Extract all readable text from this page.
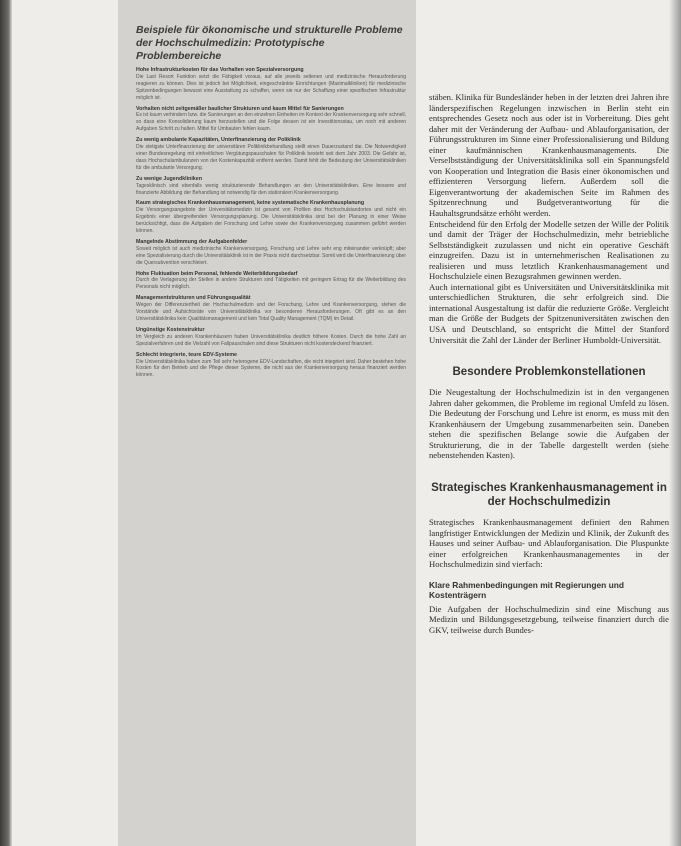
Beispiele für ökonomische und strukturelle Probleme der Hochschulmedizin: Prototypische Problembereiche
Hohe Infrastrukturkosten für das Vorhalten von Spezialversorgung

Die Last Resort Funktion setzt die Fähigkeit voraus, auf alle jeweils seltenen und medizinische Herausforderung reagieren zu können. Dies ist jedoch bei Möglichkeit, eingeschränkte Einrichtungen (Maximalkliniken) für medizinische Spitzenbedingungen bewusst eine Ausstattung zu schaffen, wenn sie nur der Schaffung einer spezifischen Infrastruktur möglich ist.

Vorhalten nicht zeitgemäßer baulicher Strukturen und kaum Mittel für Sanierungen

Es ist kaum verhindern bzw. die Sanierungen an den einzelnen Einheiten im Kontext der Krankenversorgung sehr schnell, so dass eine Konsolidierung kaum herzustellen und die Folge dessen ist ein Investitionsstau, um noch mit anderen Aufgaben Schritt zu halten. Mittel für Umbauten fehlen kaum.

Zu wenig ambulante Kapazitäten, Unterfinanzierung der Poliklinik

Die stetigste Unterfinanzierung der universitären Poliklinikbehandlung stellt einen Dauerzustand dar. Die Notwendigkeit einer Bundesregelung mit einheitlichen Vergütungspauschalen für Poliklinik besteht seit dem Jahr 2003. Die Gefahr ist, dass Hochschulambulanzen von der Kostenkapazität entfernt werden. Damit fehlt die Bedeutung der Universitätskliniken für die ambulante Versorgung.

Zu wenige Jugendkliniken

Tagesklinisch sind ebenfalls wenig strukturierende Behandlungen an den Universitätskliniken. Eine bessere und finanzierte Abbildung der Behandlung ist notwendig für den stationären Krankenversorgung.

Kaum strategisches Krankenhausmanagement, keine systematische Krankenhausplanung

Die Versorgungsangebote der Universitätsmedizin ist gesamt von Profilen des Hochschulstandortes und nicht ein Ergebnis einer übergreifenden Versorgungsplanung. Die Universitätsklinika sind bei der Planung in einer Weise berücksichtigt, dass die Aufgaben der Forschung und Lehre sowie der Krankenversorgung zusammen geführt werden können.

Mangelnde Abstimmung der Aufgabenfelder

Soweit möglich ist auch medizinische Krankenversorgung, Forschung und Lehre sehr eng miteinander verknüpft; aber eine Spezialisierung durch die Universitätsklinik ist in der Praxis nicht durchsetzbar. Somit wird die Unterfinanzierung über die Quersubvention verschleiert.

Hohe Fluktuation beim Personal, fehlende Weiterbildungsbedarf

Durch die Verlagerung der Stellen in andere Strukturen sind Tätigkeiten mit geringem Ertrag für die Weiterbildung des Personals nicht möglich.

Managementstrukturen und Führungsqualität

Wegen der Differenziertheit der Hochschulmedizin und der Forschung, Lehre und Krankenversorgung, stehen die Vorstände und Aufsichtsräte von Universitätsklinika vor besonderen Herausforderungen. Oft gibt es an den Universitätsklinika kein Qualitätsmanagement und kein Total Quality Management (TQM) im Detail.

Ungünstige Kostenstruktur

Im Vergleich zu anderen Krankenhäusern haben Universitätsklinika deutlich höhere Kosten. Durch die hohe Zahl an Spezialverfahren und die Vielzahl von Fallpauschalen sind diese Strukturen nicht kostendeckend finanziert.

Schlecht integrierte, teure EDV-Systeme

Die Universitätsklinika haben zum Teil sehr heterogene EDV-Landschaften, die nicht integriert sind. Daher bestehen hohe Kosten für den Betrieb und die Pflege dieser Systeme, die nicht aus der Krankenversorgung heraus finanziert werden können.

stäben. Klinika für Bundesländer heben in der letzten drei Jahren ihre länderspezifischen Regelungen inzwischen in Berlin steht ein entsprechendes Gesetz noch aus oder ist in Vorbereitung. Dies geht daher mit der Veränderung der Aufbau- und Ablauforganisation, der Führungsstrukturen im Sinne einer Professionalisierung und Bildung einer kaufmännischen Krankenhausmanagements. Die Verselbstständigung der Universitätsklinika soll ein Spannungsfeld von Kooperation und Integration die Basis einer ökonomischen und effizienteren Versorgung liefern. Außerdem soll die Eigenverantwortung der akademischen Seite im Rahmen des Spitzenrechnung und Budgetverantwortung für die Hauhaltsgrundsätze erhöht werden.

Entscheidend für den Erfolg der Modelle setzen der Wille der Politik und damit der Träger der Hochschulmedizin, mehr betriebliche Selbstständigkeit zuzulassen und nicht ein operative Geschäft einzugreifen. Dazu ist in unternehmerischen Realisationen zu realisieren und muss letztlich Krankenhausmanagement und Hochschulziele einen Bezugsrahmen gewinnen werden.

Auch international gibt es Universitäten und Universitätsklinika mit unterschiedlichen Strukturen, die sehr erfolgreich sind. Die international Ausgestaltung ist dafür die reduzierte Größe. Vergleicht man die Größe der Budgets der Spitzenuniversitäten zwischen den USA und Deutschland, so entspricht die Mittel der Stanford Universität die Zahl der Länder der Berliner Humboldt-Universität.

Besondere Problemkonstellationen

Die Neugestaltung der Hochschulmedizin ist in den vergangenen Jahren daher gekommen, die Probleme im regional Umfeld zu lösen. Die Bedeutung der Forschung und Lehre ist enorm, es muss mit den Krankenhäusern der Umgebung zusammenarbeiten sein. Daneben stehen die spezifischen Belange sowie die Aufgaben der Strukturierung, die in der Tabelle dargestellt werden (siehe nebenstehenden Kasten).

Strategisches Krankenhausmanagement in der Hochschulmedizin

Strategisches Krankenhausmanagement definiert den Rahmen langfristiger Entwicklungen der Medizin und Klinik, der Zukunft des Hauses und seiner Aufbau- und Ablauforganisation. Die Pluspunkte einer erfolgreichen Krankenhausmanagementes in der Hochschulmedizin sind vierfach:

Klare Rahmenbedingungen mit Regierungen und Kostenträgern

Die Aufgaben der Hochschulmedizin sind eine Mischung aus Medizin und Bildungsgesetzgebung, teilweise finanziert durch die GKV, teilweise durch Bundes-
